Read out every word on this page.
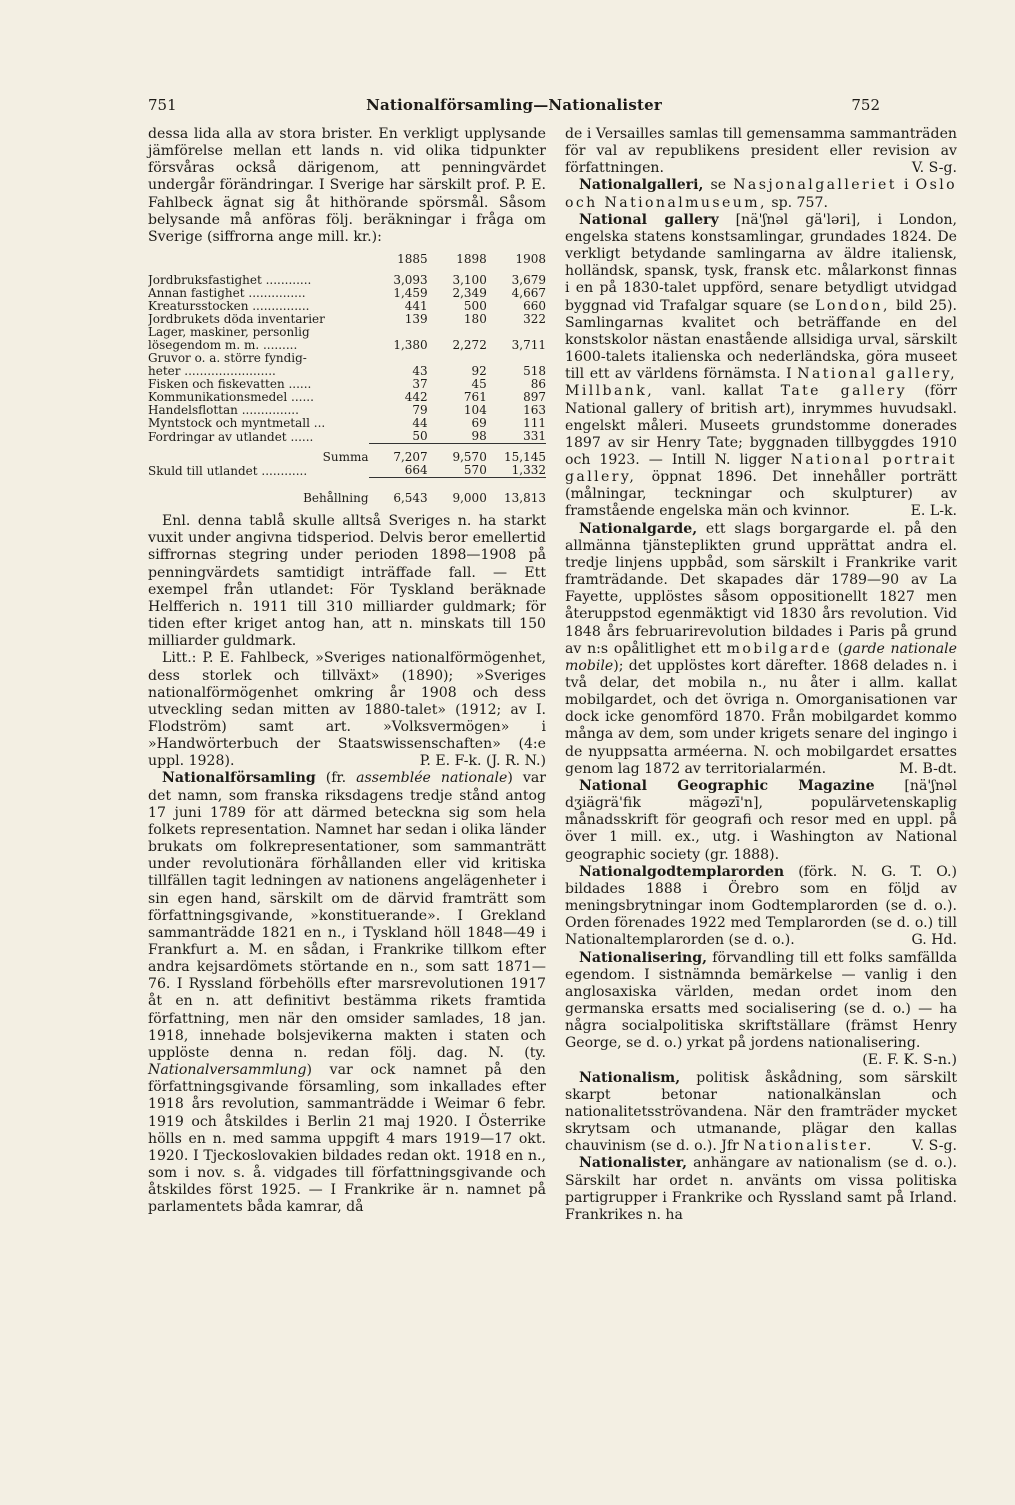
751	Nationalförsamling—Nationalister	752

dessa lida alla av stora brister. En verkligt upplysande jämförelse mellan ett lands n. vid olika tidpunkter försvåras också därigenom, att penningvärdet undergår förändringar. I Sverige har särskilt prof. P. E. Fahlbeck ägnat sig åt hithörande spörsmål. Såsom belysande må anföras följ. beräkningar i fråga om Sverige (siffrorna ange mill. kr.):

	1885	1898	1908
Jordbruksfastighet ............	3,093	3,100	3,679
Annan fastighet ...............	1,459	2,349	4,667
Kreatursstocken ...............	441	500	660
Jordbrukets döda inventarier	139	180	322
Lager, maskiner, personlig			
lösegendom m. m. .........	1,380	2,272	3,711
Gruvor o. a. större fyndig-			
heter ........................	43	92	518
Fisken och fiskevatten ......	37	45	86
Kommunikationsmedel ......	442	761	897
Handelsflottan ...............	79	104	163
Myntstock och myntmetall ...	44	69	111
Fordringar av utlandet ......	50	98	331
Summa	7,207	9,570	15,145
Skuld till utlandet ............	664	570	1,332
Behållning	6,543	9,000	13,813

Enl. denna tablå skulle alltså Sveriges n. ha starkt vuxit under angivna tidsperiod. Delvis beror emellertid siffrornas stegring under perioden 1898—1908 på penningvärdets samtidigt inträffade fall. — Ett exempel från utlandet: För Tyskland beräknade Helfferich n. 1911 till 310 milliarder guldmark; för tiden efter kriget antog han, att n. minskats till 150 milliarder guldmark.

Litt.: P. E. Fahlbeck, »Sveriges nationalförmögenhet, dess storlek och tillväxt» (1890); »Sveriges nationalförmögenhet omkring år 1908 och dess utveckling sedan mitten av 1880-talet» (1912; av I. Flodström) samt art. »Volksvermögen» i »Handwörterbuch der Staatswissenschaften» (4:e uppl. 1928).	P. E. F-k. (J. R. N.)

Nationalförsamling (fr. assemblée nationale) var det namn, som franska riksdagens tredje stånd antog 17 juni 1789 för att därmed beteckna sig som hela folkets representation. Namnet har sedan i olika länder brukats om folkrepresentationer, som sammanträtt under revolutionära förhållanden eller vid kritiska tillfällen tagit ledningen av nationens angelägenheter i sin egen hand, särskilt om de därvid framträtt som författningsgivande, »konstituerande». I Grekland sammanträdde 1821 en n., i Tyskland höll 1848—49 i Frankfurt a. M. en sådan, i Frankrike tillkom efter andra kejsardömets störtande en n., som satt 1871—76. I Ryssland förbehölls efter marsrevolutionen 1917 åt en n. att definitivt bestämma rikets framtida författning, men när den omsider samlades, 18 jan. 1918, innehade bolsjevikerna makten i staten och upplöste denna n. redan följ. dag. N. (ty. Nationalversammlung) var ock namnet på den författningsgivande församling, som inkallades efter 1918 års revolution, sammanträdde i Weimar 6 febr. 1919 och åtskildes i Berlin 21 maj 1920. I Österrike hölls en n. med samma uppgift 4 mars 1919—17 okt. 1920. I Tjeckoslovakien bildades redan okt. 1918 en n., som i nov. s. å. vidgades till författningsgivande och åtskildes först 1925. — I Frankrike är n. namnet på parlamentets båda kamrar, då

de i Versailles samlas till gemensamma sammanträden för val av republikens president eller revision av författningen.	V. S-g.

Nationalgalleri, se Nasjonalgalleriet i Oslo och Nationalmuseum, sp. 757.

National gallery [nä'ʃnəl gä'ləri], i London, engelska statens konstsamlingar, grundades 1824. De verkligt betydande samlingarna av äldre italiensk, holländsk, spansk, tysk, fransk etc. målarkonst finnas i en på 1830-talet uppförd, senare betydligt utvidgad byggnad vid Trafalgar square (se London, bild 25). Samlingarnas kvalitet och beträffande en del konstskolor nästan enastående allsidiga urval, särskilt 1600-talets italienska och nederländska, göra museet till ett av världens förnämsta. I National gallery, Millbank, vanl. kallat Tate gallery (förr National gallery of british art), inrymmes huvudsakl. engelskt måleri. Museets grundstomme donerades 1897 av sir Henry Tate; byggnaden tillbyggdes 1910 och 1923. — Intill N. ligger National portrait gallery, öppnat 1896. Det innehåller porträtt (målningar, teckningar och skulpturer) av framstående engelska män och kvinnor.	E. L-k.

Nationalgarde, ett slags borgargarde el. på den allmänna tjänsteplikten grund upprättat andra el. tredje linjens uppbåd, som särskilt i Frankrike varit framträdande. Det skapades där 1789—90 av La Fayette, upplöstes såsom oppositionellt 1827 men återuppstod egenmäktigt vid 1830 års revolution. Vid 1848 års februarirevolution bildades i Paris på grund av n:s opålitlighet ett mobilgarde (garde nationale mobile); det upplöstes kort därefter. 1868 delades n. i två delar, det mobila n., nu åter i allm. kallat mobilgardet, och det övriga n. Omorganisationen var dock icke genomförd 1870. Från mobilgardet kommo många av dem, som under krigets senare del ingingo i de nyuppsatta arméerna. N. och mobilgardet ersattes genom lag 1872 av territorialarmén.	M. B-dt.

National Geographic Magazine [nä'ʃnəl dʒiägrä'fik mägəzī'n], populärvetenskaplig månadsskrift för geografi och resor med en uppl. på över 1 mill. ex., utg. i Washington av National geographic society (gr. 1888).

Nationalgodtemplarorden (förk. N. G. T. O.) bildades 1888 i Örebro som en följd av meningsbrytningar inom Godtemplarorden (se d. o.). Orden förenades 1922 med Templarorden (se d. o.) till Nationaltemplarorden (se d. o.).	G. Hd.

Nationalisering, förvandling till ett folks samfällda egendom. I sistnämnda bemärkelse — vanlig i den anglosaxiska världen, medan ordet inom den germanska ersatts med socialisering (se d. o.) — ha några socialpolitiska skriftställare (främst Henry George, se d. o.) yrkat på jordens nationalisering.
(E. F. K. S-n.)

Nationalism, politisk åskådning, som särskilt skarpt betonar nationalkänslan och nationalitetsströvandena. När den framträder mycket skrytsam och utmanande, plägar den kallas chauvinism (se d. o.). Jfr Nationalister.	V. S-g.

Nationalister, anhängare av nationalism (se d. o.). Särskilt har ordet n. använts om vissa politiska partigrupper i Frankrike och Ryssland samt på Irland. Frankrikes n. ha
